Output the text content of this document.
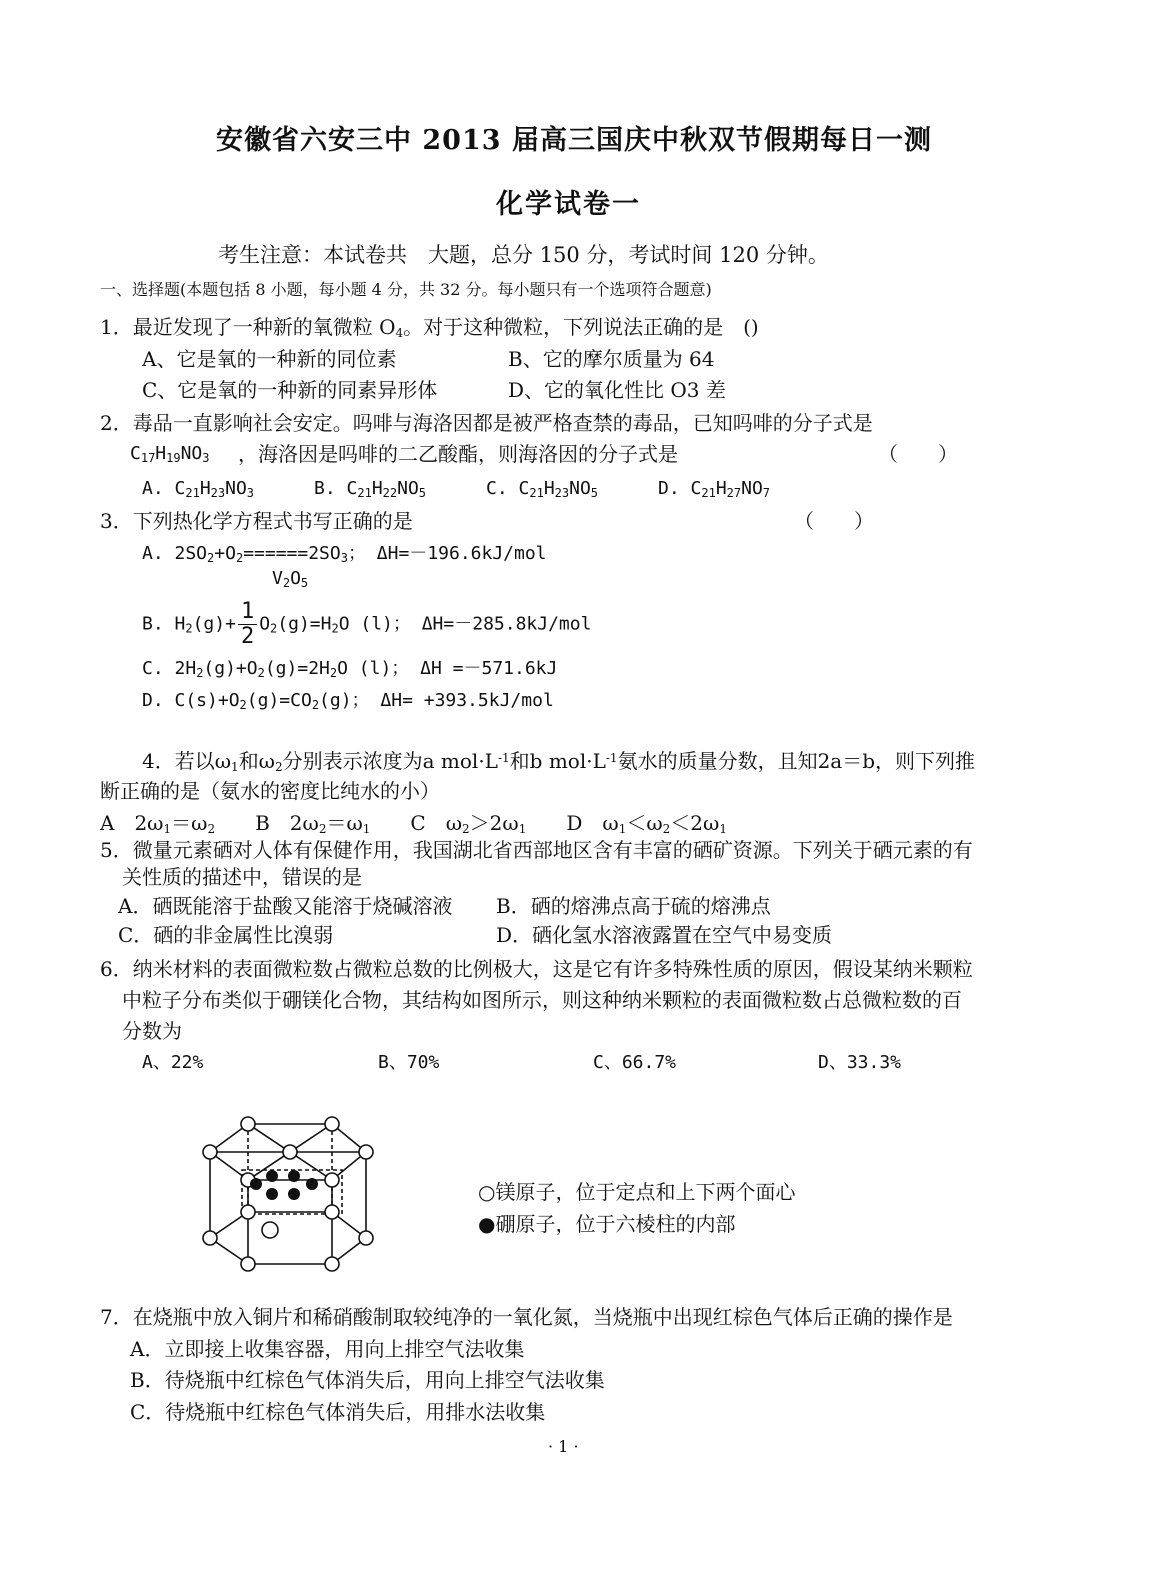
安徽省六安三中 2013 届高三国庆中秋双节假期每日一测
化学试卷一
考生注意：本试卷共　大题，总分 150 分，考试时间 120 分钟。
一、选择题(本题包括 8 小题，每小题 4 分，共 32 分。每小题只有一个选项符合题意)
1．最近发现了一种新的氧微粒 $O_4$。对于这种微粒，下列说法正确的是　()
A、它是氧的一种新的同位素	B、它的摩尔质量为 64
C、它是氧的一种新的同素异形体	D、它的氧化性比 O3 差
2．毒品一直影响社会安定。吗啡与海洛因都是被严格查禁的毒品，已知吗啡的分子式是
$C_{17}H_{19}NO_3$ ，海洛因是吗啡的二乙酸酯，则海洛因的分子式是	（　　）
A. $C_{21}H_{23}NO_3$	B. $C_{21}H_{22}NO_5$	C. $C_{21}H_{23}NO_5$	D. $C_{21}H_{27}NO_7$
3．下列热化学方程式书写正确的是	（　　）
A. $2SO_2+O_2======2SO_3$； ΔH=－196.6kJ/mol
$V_2O_5$
B. $H_2(g)+ \frac{1}{2} O_2(g)=H_2O$ (l)； ΔH=－285.8kJ/mol
C. $2H_2(g)+O_2(g)=2H_2O$ (l)； ΔH =－571.6kJ
D. $C(s)+O_2(g)=CO_2(g)$； ΔH= +393.5kJ/mol
4．若以$\omega_1$和$\omega_2$分别表示浓度为a $mol\cdot L^{-1}$和b $mol\cdot L^{-1}$氨水的质量分数，且知2a＝b，则下列推
断正确的是（氨水的密度比纯水的小）
A　$2\omega_1=\omega_2$　　B　$2\omega_2=\omega_1$　　C　$\omega_2>2\omega_1$　　D　$\omega_1<\omega_2<2\omega_1$
5．微量元素硒对人体有保健作用，我国湖北省西部地区含有丰富的硒矿资源。下列关于硒元素的有
关性质的描述中，错误的是
A．硒既能溶于盐酸又能溶于烧碱溶液 B．硒的熔沸点高于硫的熔沸点
C．硒的非金属性比溴弱	D．硒化氢水溶液露置在空气中易变质
6．纳米材料的表面微粒数占微粒总数的比例极大，这是它有许多特殊性质的原因，假设某纳米颗粒
中粒子分布类似于硼镁化合物，其结构如图所示，则这种纳米颗粒的表面微粒数占总微粒数的百
分数为
A、22%	B、70%	C、66.7%	D、33.3%
○镁原子，位于定点和上下两个面心
●硼原子，位于六棱柱的内部
7．在烧瓶中放入铜片和稀硝酸制取较纯净的一氧化氮，当烧瓶中出现红棕色气体后正确的操作是
A．立即接上收集容器，用向上排空气法收集
B．待烧瓶中红棕色气体消失后，用向上排空气法收集
C．待烧瓶中红棕色气体消失后，用排水法收集
· 1 ·
